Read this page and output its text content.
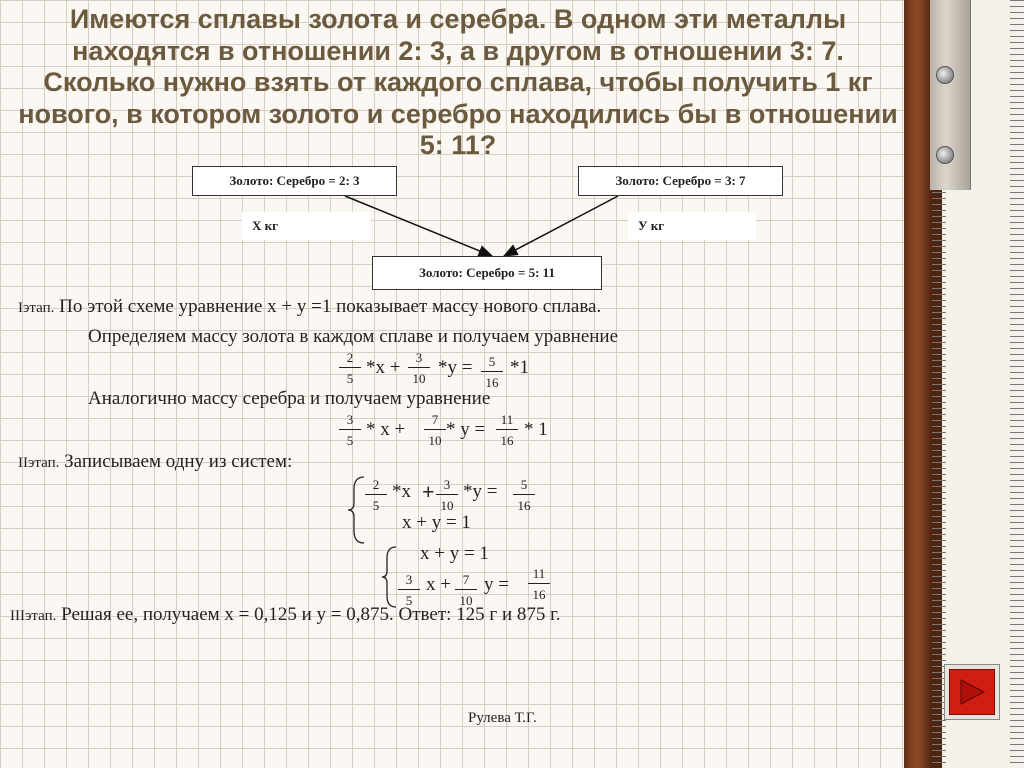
Имеются сплавы золота и серебра. В одном эти металлы находятся в отношении 2: 3, а в другом в отношении 3: 7. Сколько нужно взять от каждого сплава, чтобы получить 1 кг нового, в котором золото и серебро находились бы в отношении 5: 11?
Золото: Серебро = 2: 3	Золото: Серебро = 3: 7
Х кг	У кг
Золото: Серебро = 5: 11
Iэтап. По этой схеме уравнение х + у =1 показывает массу нового сплава.
Определяем массу золота в каждом сплаве и получаем уравнение
$\frac{2}{5} *х + \frac{3}{10} *у = \frac{5}{16} *1$
Аналогично массу серебра и получаем уравнение
$\frac{3}{5} * х + \frac{7}{10} * у = \frac{11}{16} * 1$
IIэтап. Записываем одну из систем:
$\frac{2}{5} *х + \frac{3}{10} *у = \frac{5}{16}$
х + у = 1
х + у = 1
$\frac{3}{5}$ $х + \frac{7}{10}$ $у = \frac{11}{16}$
IIIэтап. Решая ее, получаем х = 0,125 и у = 0,875. Ответ: 125 г и 875 г.
Рулева Т.Г.
